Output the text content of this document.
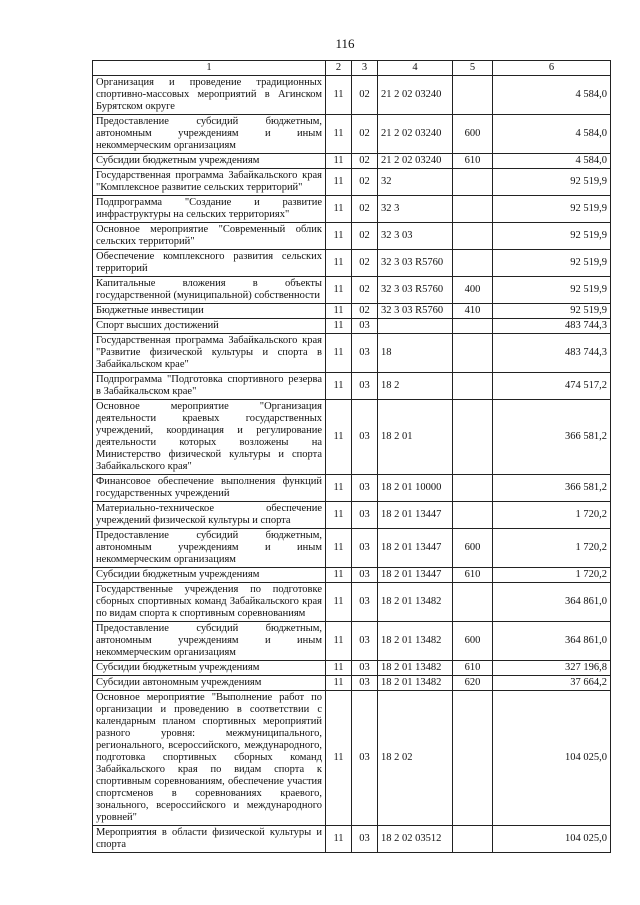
116
1	2	3	4	5	6
Организация и проведение традиционных спортивно-массовых мероприятий в Агинском Бурятском округе	11	02	21 2 02 03240		4 584,0
Предоставление субсидий бюджетным, автономным учреждениям и иным некоммерческим организациям	11	02	21 2 02 03240	600	4 584,0
Субсидии бюджетным учреждениям	11	02	21 2 02 03240	610	4 584,0
Государственная программа Забайкальского края "Комплексное развитие сельских территорий"	11	02	32		92 519,9
Подпрограмма "Создание и развитие инфраструктуры на сельских территориях"	11	02	32 3		92 519,9
Основное мероприятие "Современный облик сельских территорий"	11	02	32 3 03		92 519,9
Обеспечение комплексного развития сельских территорий	11	02	32 3 03 R5760		92 519,9
Капитальные вложения в объекты государственной (муниципальной) собственности	11	02	32 3 03 R5760	400	92 519,9
Бюджетные инвестиции	11	02	32 3 03 R5760	410	92 519,9
Спорт высших достижений	11	03			483 744,3
Государственная программа Забайкальского края "Развитие физической культуры и спорта в Забайкальском крае"	11	03	18		483 744,3
Подпрограмма "Подготовка спортивного резерва в Забайкальском крае"	11	03	18 2		474 517,2
Основное мероприятие "Организация деятельности краевых государственных учреждений, координация и регулирование деятельности которых возложены на Министерство физической культуры и спорта Забайкальского края"	11	03	18 2 01		366 581,2
Финансовое обеспечение выполнения функций государственных учреждений	11	03	18 2 01 10000		366 581,2
Материально-техническое обеспечение учреждений физической культуры и спорта	11	03	18 2 01 13447		1 720,2
Предоставление субсидий бюджетным, автономным учреждениям и иным некоммерческим организациям	11	03	18 2 01 13447	600	1 720,2
Субсидии бюджетным учреждениям	11	03	18 2 01 13447	610	1 720,2
Государственные учреждения по подготовке сборных спортивных команд Забайкальского края по видам спорта к спортивным соревнованиям	11	03	18 2 01 13482		364 861,0
Предоставление субсидий бюджетным, автономным учреждениям и иным некоммерческим организациям	11	03	18 2 01 13482	600	364 861,0
Субсидии бюджетным учреждениям	11	03	18 2 01 13482	610	327 196,8
Субсидии автономным учреждениям	11	03	18 2 01 13482	620	37 664,2
Основное мероприятие "Выполнение работ по организации и проведению в соответствии с календарным планом спортивных мероприятий разного уровня: межмуниципального, регионального, всероссийского, международного, подготовка спортивных сборных команд Забайкальского края по видам спорта к спортивным соревнованиям, обеспечение участия спортсменов в соревнованиях краевого, зонального, всероссийского и международного уровней"	11	03	18 2 02		104 025,0
Мероприятия в области физической культуры и спорта	11	03	18 2 02 03512		104 025,0
